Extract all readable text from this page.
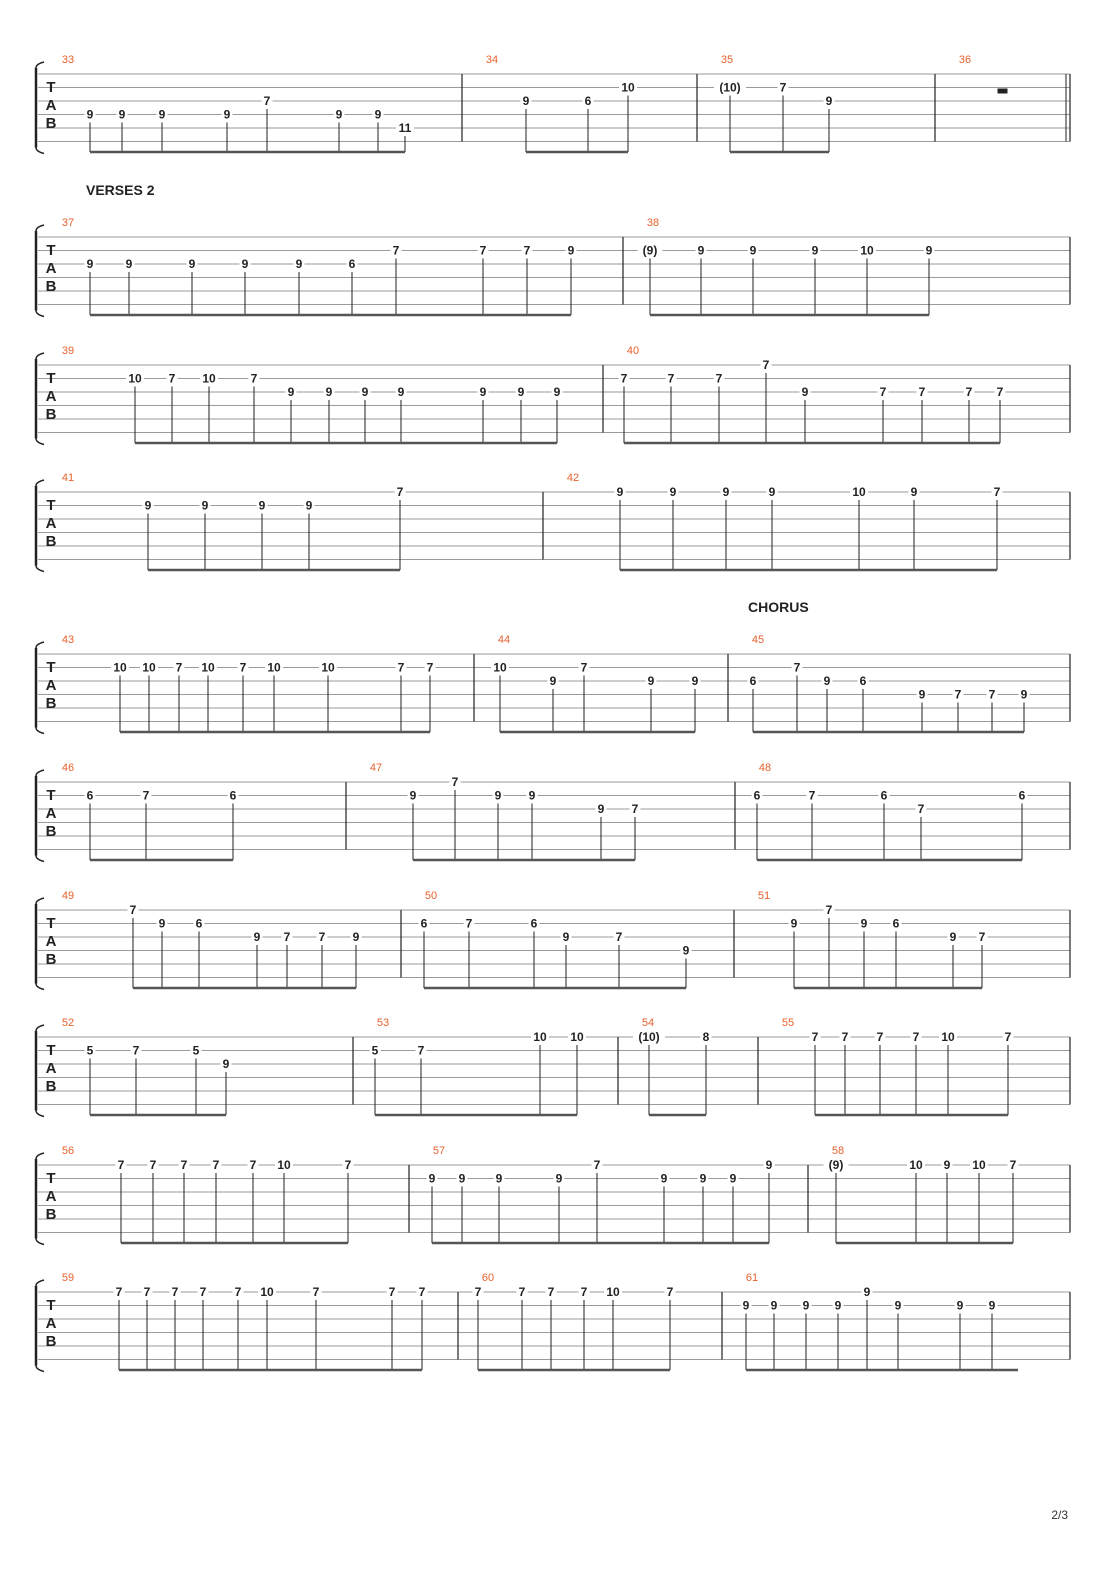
VERSES 2
CHORUS
T
A
B
33
9 9	9	9
7
9	9
11
34
9	6
10
35
(10)	7
9
36
T
A
B
37
9	9	9	9	9	6
7	7	7	9
38
(9)	9	9	9	10	9
T
A
B
39
10 7 10	7
9	9 9 9	9	9 9
40
7	7	7
7
9	7	7	7 7
T
A
B
41
9	9	9	9
7
42
9	9	9	9	10	9	7
T
A
B
43
10 10 7 10 7 10	10	7 7
44
10
9
7
9	9
45
6
7
9 6
9 7 7 9
T
A
B
46
6	7	6
47
9
7
9 9
9 7
48
6	7	6
7
6
T
A
B
49
7
9	6
9 7 7 9
50
6	7	6
9	7
9
51
9
7
9 6
9 7
T
A
B
52
5	7	5
9
53
5	7
10 10
54
(10)	8
55
7 7 7 7 10	7
T
A
B
56
7 7 7 7	7 10	7
57
9 9	9	9
7
9	9 9
9
58
(9)	10 9 10 7
T
A
B
59
7 7 7 7 7 10	7	7 7
60
7	7 7 7 10	7
61
9 9 9 9
9
9	9 9
2/3
